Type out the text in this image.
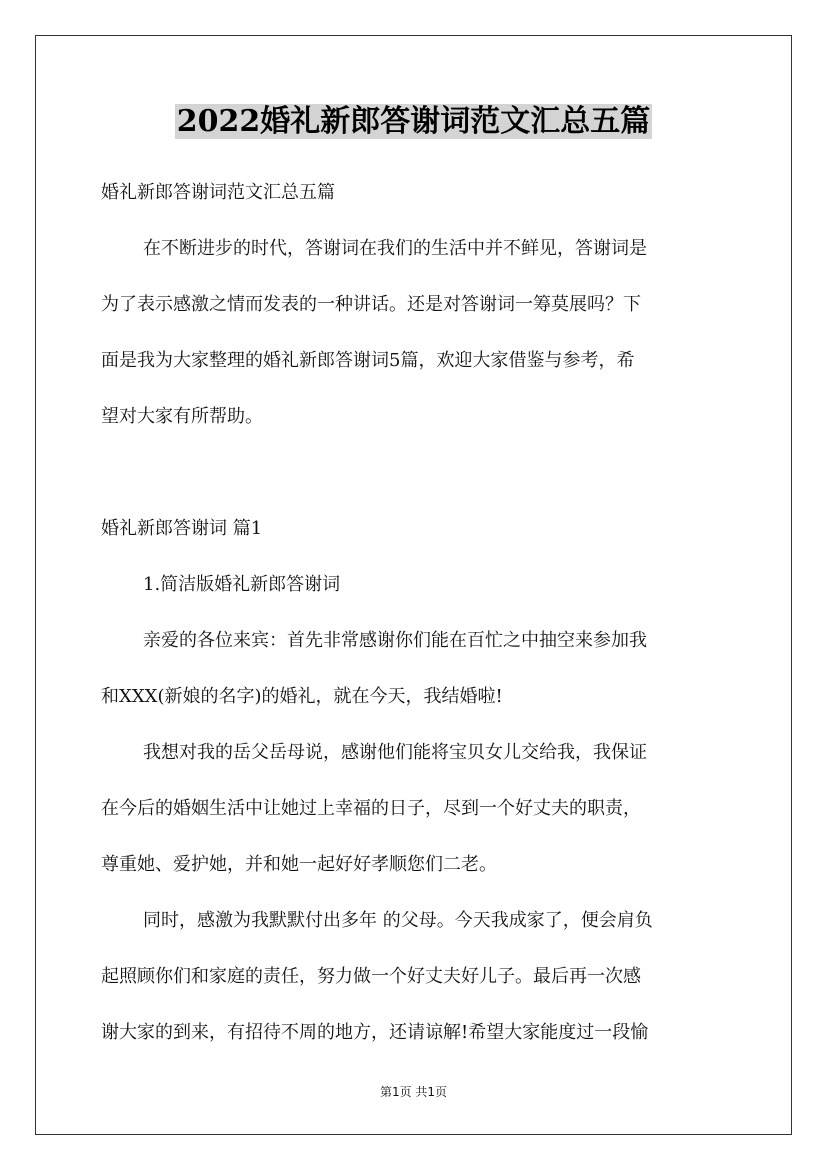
2022婚礼新郎答谢词范文汇总五篇
婚礼新郎答谢词范文汇总五篇
在不断进步的时代，答谢词在我们的生活中并不鲜见，答谢词是
为了表示感激之情而发表的一种讲话。还是对答谢词一筹莫展吗？下
面是我为大家整理的婚礼新郎答谢词5篇，欢迎大家借鉴与参考，希
望对大家有所帮助。
婚礼新郎答谢词 篇1
1.简洁版婚礼新郎答谢词
亲爱的各位来宾：首先非常感谢你们能在百忙之中抽空来参加我
和XXX(新娘的名字)的婚礼，就在今天，我结婚啦!
我想对我的岳父岳母说，感谢他们能将宝贝女儿交给我，我保证
在今后的婚姻生活中让她过上幸福的日子，尽到一个好丈夫的职责，
尊重她、爱护她，并和她一起好好孝顺您们二老。
同时，感激为我默默付出多年 的父母。今天我成家了，便会肩负
起照顾你们和家庭的责任，努力做一个好丈夫好儿子。最后再一次感
谢大家的到来，有招待不周的地方，还请谅解!希望大家能度过一段愉
第1页 共1页
